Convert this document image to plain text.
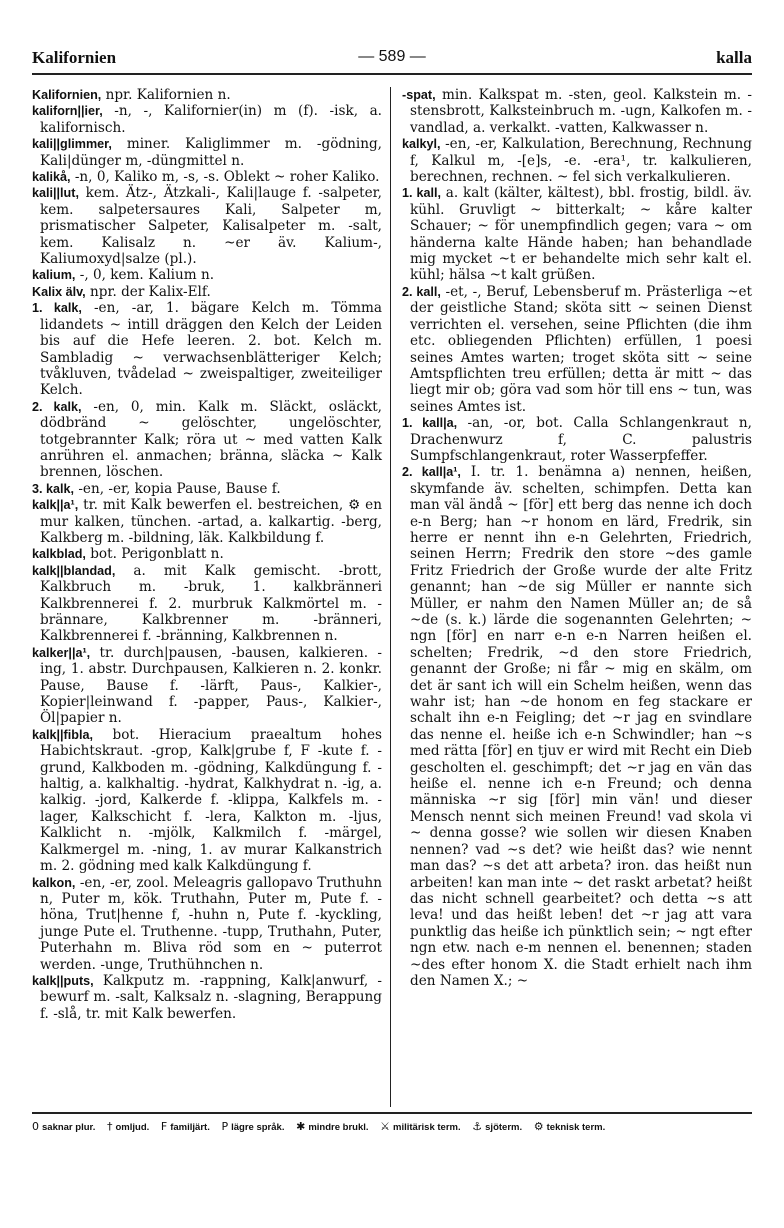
Kalifornien	— 589 —	kalla

Kalifornien, npr. Kalifornien n.

kaliforn||ier, -n, -, Kalifornier(in) m (f). -isk, a. kalifornisch.

kali||glimmer, miner. Kaliglimmer m. -gödning, Kali|dünger m, -düngmittel n.

kalikå, -n, 0, Kaliko m, -s, -s. Oblekt ~ roher Kaliko.

kali||lut, kem. Ätz-, Ätzkali-, Kali|lauge f. -salpeter, kem. salpetersaures Kali, Salpeter m, prismatischer Salpeter, Kalisalpeter m. -salt, kem. Kalisalz n. ~er äv. Kalium-, Kaliumoxyd|salze (pl.).

kalium, -, 0, kem. Kalium n.

Kalix älv, npr. der Kalix-Elf.

1. kalk, -en, -ar, 1. bägare Kelch m. Tömma lidandets ~ intill dräggen den Kelch der Leiden bis auf die Hefe leeren. 2. bot. Kelch m. Sambladig ~ verwachsenblätteriger Kelch; tvåkluven, tvådelad ~ zweispaltiger, zweiteiliger Kelch.

2. kalk, -en, 0, min. Kalk m. Släckt, osläckt, dödbränd ~ gelöschter, ungelöschter, totgebrannter Kalk; röra ut ~ med vatten Kalk anrühren el. anmachen; bränna, släcka ~ Kalk brennen, löschen.

3. kalk, -en, -er, kopia Pause, Bause f.

kalk||a¹, tr. mit Kalk bewerfen el. bestreichen, ⚙ en mur kalken, tünchen. -artad, a. kalkartig. -berg, Kalkberg m. -bildning, läk. Kalkbildung f.

kalkblad, bot. Perigonblatt n.

kalk||blandad, a. mit Kalk gemischt. -brott, Kalkbruch m. -bruk, 1. kalkbränneri Kalkbrennerei f. 2. murbruk Kalkmörtel m. -brännare, Kalkbrenner m. -bränneri, Kalkbrennerei f. -bränning, Kalkbrennen n.

kalker||a¹, tr. durch|pausen, -bausen, kalkieren. -ing, 1. abstr. Durchpausen, Kalkieren n. 2. konkr. Pause, Bause f. -lärft, Paus-, Kalkier-, Kopier|leinwand f. -papper, Paus-, Kalkier-, Öl|papier n.

kalk||fibla, bot. Hieracium praealtum hohes Habichtskraut. -grop, Kalk|grube f, F -kute f. -grund, Kalkboden m. -gödning, Kalkdüngung f. -haltig, a. kalkhaltig. -hydrat, Kalkhydrat n. -ig, a. kalkig. -jord, Kalkerde f. -klippa, Kalkfels m. -lager, Kalkschicht f. -lera, Kalkton m. -ljus, Kalklicht n. -mjölk, Kalkmilch f. -märgel, Kalkmergel m. -ning, 1. av murar Kalkanstrich m. 2. gödning med kalk Kalkdüngung f.

kalkon, -en, -er, zool. Meleagris gallopavo Truthuhn n, Puter m, kök. Truthahn, Puter m, Pute f. -höna, Trut|henne f, -huhn n, Pute f. -kyckling, junge Pute el. Truthenne. -tupp, Truthahn, Puter, Puterhahn m. Bliva röd som en ~ puterrot werden. -unge, Truthühnchen n.

kalk||puts, Kalkputz m. -rappning, Kalk|anwurf, -bewurf m. -salt, Kalksalz n. -slagning, Berappung f. -slå, tr. mit Kalk bewerfen.

-spat, min. Kalkspat m. -sten, geol. Kalkstein m. -stensbrott, Kalksteinbruch m. -ugn, Kalkofen m. -vandlad, a. verkalkt. -vatten, Kalkwasser n.

kalkyl, -en, -er, Kalkulation, Berechnung, Rechnung f, Kalkul m, -[e]s, -e. -era¹, tr. kalkulieren, berechnen, rechnen. ~ fel sich verkalkulieren.

1. kall, a. kalt (kälter, kältest), bbl. frostig, bildl. äv. kühl. Gruvligt ~ bitterkalt; ~ kåre kalter Schauer; ~ för unempfindlich gegen; vara ~ om händerna kalte Hände haben; han behandlade mig mycket ~t er behandelte mich sehr kalt el. kühl; hälsa ~t kalt grüßen.

2. kall, -et, -, Beruf, Lebensberuf m. Prästerliga ~et der geistliche Stand; sköta sitt ~ seinen Dienst verrichten el. versehen, seine Pflichten (die ihm etc. obliegenden Pflichten) erfüllen, 1 poesi seines Amtes warten; troget sköta sitt ~ seine Amtspflichten treu erfüllen; detta är mitt ~ das liegt mir ob; göra vad som hör till ens ~ tun, was seines Amtes ist.

1. kall|a, -an, -or, bot. Calla Schlangenkraut n, Drachenwurz f, C. palustris Sumpfschlangenkraut, roter Wasserpfeffer.

2. kall|a¹, I. tr. 1. benämna a) nennen, heißen, skymfande äv. schelten, schimpfen. Detta kan man väl ändå ~ [för] ett berg das nenne ich doch e-n Berg; han ~r honom en lärd, Fredrik, sin herre er nennt ihn e-n Gelehrten, Friedrich, seinen Herrn; Fredrik den store ~des gamle Fritz Friedrich der Große wurde der alte Fritz genannt; han ~de sig Müller er nannte sich Müller, er nahm den Namen Müller an; de så ~de (s. k.) lärde die sogenannten Gelehrten; ~ ngn [för] en narr e-n e-n Narren heißen el. schelten; Fredrik, ~d den store Friedrich, genannt der Große; ni får ~ mig en skälm, om det är sant ich will ein Schelm heißen, wenn das wahr ist; han ~de honom en feg stackare er schalt ihn e-n Feigling; det ~r jag en svindlare das nenne el. heiße ich e-n Schwindler; han ~s med rätta [för] en tjuv er wird mit Recht ein Dieb gescholten el. geschimpft; det ~r jag en vän das heiße el. nenne ich e-n Freund; och denna människa ~r sig [för] min vän! und dieser Mensch nennt sich meinen Freund! vad skola vi ~ denna gosse? wie sollen wir diesen Knaben nennen? vad ~s det? wie heißt das? wie nennt man das? ~s det att arbeta? iron. das heißt nun arbeiten! kan man inte ~ det raskt arbetat? heißt das nicht schnell gearbeitet? och detta ~s att leva! und das heißt leben! det ~r jag att vara punktlig das heiße ich pünktlich sein; ~ ngt efter ngn etw. nach e-m nennen el. benennen; staden ~des efter honom X. die Stadt erhielt nach ihm den Namen X.; ~

0 saknar plur. † omljud. F familjärt. P lägre språk. ✱ mindre brukl. ⚔ militärisk term. ⚓ sjöterm. ⚙ teknisk term.
